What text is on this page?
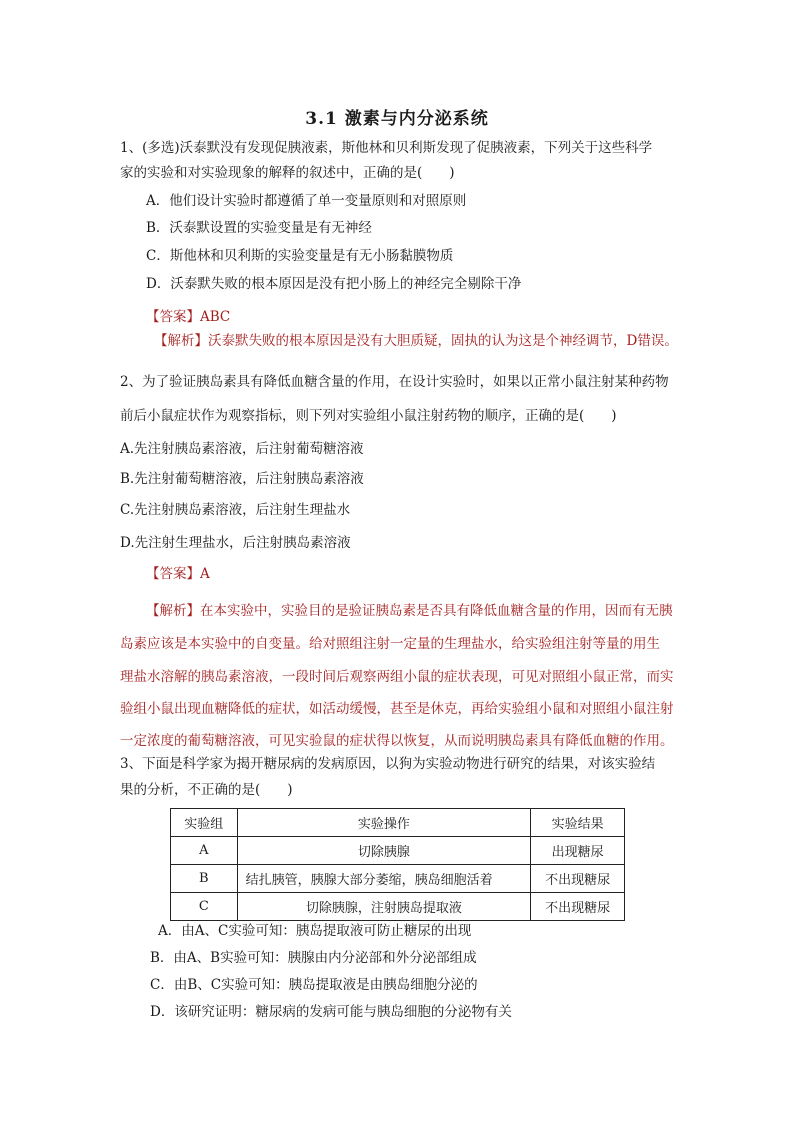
3.1 激素与内分泌系统
1、(多选)沃泰默没有发现促胰液素，斯他林和贝利斯发现了促胰液素，下列关于这些科学
家的实验和对实验现象的解释的叙述中，正确的是(　　)
A．他们设计实验时都遵循了单一变量原则和对照原则
B．沃泰默设置的实验变量是有无神经
C．斯他林和贝利斯的实验变量是有无小肠黏膜物质
D．沃泰默失败的根本原因是没有把小肠上的神经完全剔除干净
【答案】ABC
【解析】沃泰默失败的根本原因是没有大胆质疑，固执的认为这是个神经调节，D错误。
2、为了验证胰岛素具有降低血糖含量的作用，在设计实验时，如果以正常小鼠注射某种药物
前后小鼠症状作为观察指标，则下列对实验组小鼠注射药物的顺序，正确的是(　　)
A.先注射胰岛素溶液，后注射葡萄糖溶液
B.先注射葡萄糖溶液，后注射胰岛素溶液
C.先注射胰岛素溶液，后注射生理盐水
D.先注射生理盐水，后注射胰岛素溶液
【答案】A
【解析】在本实验中，实验目的是验证胰岛素是否具有降低血糖含量的作用，因而有无胰
岛素应该是本实验中的自变量。给对照组注射一定量的生理盐水，给实验组注射等量的用生
理盐水溶解的胰岛素溶液，一段时间后观察两组小鼠的症状表现，可见对照组小鼠正常，而实
验组小鼠出现血糖降低的症状，如活动缓慢，甚至是休克，再给实验组小鼠和对照组小鼠注射
一定浓度的葡萄糖溶液，可见实验鼠的症状得以恢复，从而说明胰岛素具有降低血糖的作用。
3、下面是科学家为揭开糖尿病的发病原因，以狗为实验动物进行研究的结果，对该实验结
果的分析，不正确的是(　　)
实验组	实验操作	实验结果
A	切除胰腺	出现糖尿
B	结扎胰管，胰腺大部分萎缩，胰岛细胞活着	不出现糖尿
C	切除胰腺，注射胰岛提取液	不出现糖尿
A．由A、C实验可知：胰岛提取液可防止糖尿的出现
B．由A、B实验可知：胰腺由内分泌部和外分泌部组成
C．由B、C实验可知：胰岛提取液是由胰岛细胞分泌的
D．该研究证明：糖尿病的发病可能与胰岛细胞的分泌物有关
